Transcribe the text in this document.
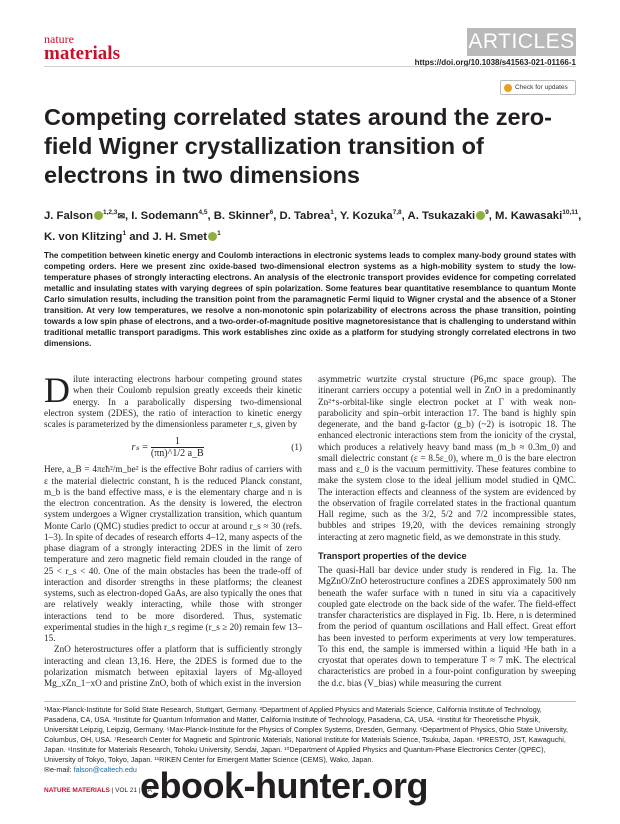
nature
materials
ARTICLES
https://doi.org/10.1038/s41563-021-01166-1
Check for updates
Competing correlated states around the zero-field Wigner crystallization transition of electrons in two dimensions
J. Falson $^{1,2,3}$✉, I. Sodemann$^{4,5}$, B. Skinner$^6$, D. Tabrea$^1$, Y. Kozuka$^{7,8}$, A. Tsukazaki $^9$, M. Kawasaki$^{10,11}$,
K. von Klitzing$^1$ and J. H. Smet $^1$
The competition between kinetic energy and Coulomb interactions in electronic systems leads to complex many-body ground states with competing orders. Here we present zinc oxide-based two-dimensional electron systems as a high-mobility system to study the low-temperature phases of strongly interacting electrons. An analysis of the electronic transport provides evidence for competing correlated metallic and insulating states with varying degrees of spin polarization. Some features bear quantitative resemblance to quantum Monte Carlo simulation results, including the transition point from the paramagnetic Fermi liquid to Wigner crystal and the absence of a Stoner transition. At very low temperatures, we resolve a non-monotonic spin polarizability of electrons across the phase transition, pointing towards a low spin phase of electrons, and a two-order-of-magnitude positive magnetoresistance that is challenging to understand within traditional metallic transport paradigms. This work establishes zinc oxide as a platform for studying strongly correlated electrons in two dimensions.

Dilute interacting electrons harbour competing ground states when their Coulomb repulsion greatly exceeds their kinetic energy. In a parabolically dispersing two-dimensional electron system (2DES), the ratio of interaction to kinetic energy scales is parameterized by the dimensionless parameter r_s, given by

$r_s = \frac{1}{(\pi n)\^{}1/2 a\_B}$	(1)

Here, a_B = 4πεħ²/m_be² is the effective Bohr radius of carriers with ε the material dielectric constant, ħ is the reduced Planck constant, m_b is the band effective mass, e is the elementary charge and n is the electron concentration. As the density is lowered, the electron system undergoes a Wigner crystallization transition, which quantum Monte Carlo (QMC) studies predict to occur at around r_s ≈ 30 (refs. 1–3). In spite of decades of research efforts 4–12, many aspects of the phase diagram of a strongly interacting 2DES in the limit of zero temperature and zero magnetic field remain clouded in the range of 25 < r_s < 40. One of the main obstacles has been the trade-off of interaction and disorder strengths in these platforms; the cleanest systems, such as electron-doped GaAs, are also typically the ones that are relatively weakly interacting, while those with stronger interactions tend to be more disordered. Thus, systematic experimental studies in the high r_s regime (r_s ≥ 20) remain few 13–15.

ZnO heterostructures offer a platform that is sufficiently strongly interacting and clean 13,16. Here, the 2DES is formed due to the polarization mismatch between epitaxial layers of Mg-alloyed Mg_xZn_1−xO and pristine ZnO, both of which exist in the inversion

asymmetric wurtzite crystal structure (P6₃mc space group). The itinerant carriers occupy a potential well in ZnO in a predominantly Zn²⁺s-orbital-like single electron pocket at Γ with weak non-parabolicity and spin–orbit interaction 17. The band is highly spin degenerate, and the band g-factor (g_b) (~2) is isotropic 18. The enhanced electronic interactions stem from the ionicity of the crystal, which produces a relatively heavy band mass (m_b ≈ 0.3m_0) and small dielectric constant (ε = 8.5ε_0), where m_0 is the bare electron mass and ε_0 is the vacuum permittivity. These features combine to make the system close to the ideal jellium model studied in QMC. The interaction effects and cleanness of the system are evidenced by the observation of fragile correlated states in the fractional quantum Hall regime, such as the 3/2, 5/2 and 7/2 incompressible states, bubbles and stripes 19,20, with the devices remaining strongly interacting at zero magnetic field, as we demonstrate in this study.

Transport properties of the device

The quasi-Hall bar device under study is rendered in Fig. 1a. The MgZnO/ZnO heterostructure confines a 2DES approximately 500 nm beneath the wafer surface with n tuned in situ via a capacitively coupled gate electrode on the back side of the wafer. The field-effect transfer characteristics are displayed in Fig. 1b. Here, n is determined from the period of quantum oscillations and Hall effect. Great effort has been invested to perform experiments at very low temperatures. To this end, the sample is immersed within a liquid ³He bath in a cryostat that operates down to temperature T ≈ 7 mK. The electrical characteristics are probed in a four-point configuration by sweeping the d.c. bias (V_bias) while measuring the current

¹Max-Planck-Institute for Solid State Research, Stuttgart, Germany. ²Department of Applied Physics and Materials Science, California Institute of Technology, Pasadena, CA, USA. ³Institute for Quantum Information and Matter, California Institute of Technology, Pasadena, CA, USA. ⁴Institut für Theoretische Physik, Universität Leipzig, Leipzig, Germany. ⁵Max-Planck-Institute for the Physics of Complex Systems, Dresden, Germany. ⁶Department of Physics, Ohio State University, Columbus, OH, USA. ⁷Research Center for Magnetic and Spintronic Materials, National Institute for Materials Science, Tsukuba, Japan. ⁸PRESTO, JST, Kawaguchi, Japan. ⁹Institute for Materials Research, Tohoku University, Sendai, Japan. ¹⁰Department of Applied Physics and Quantum-Phase Electronics Center (QPEC), University of Tokyo, Tokyo, Japan. ¹¹RIKEN Center for Emergent Matter Science (CEMS), Wako, Japan.
✉e-mail: falson@caltech.edu
NATURE MATERIALS | VOL 21 | MA
ebook-hunter.org
